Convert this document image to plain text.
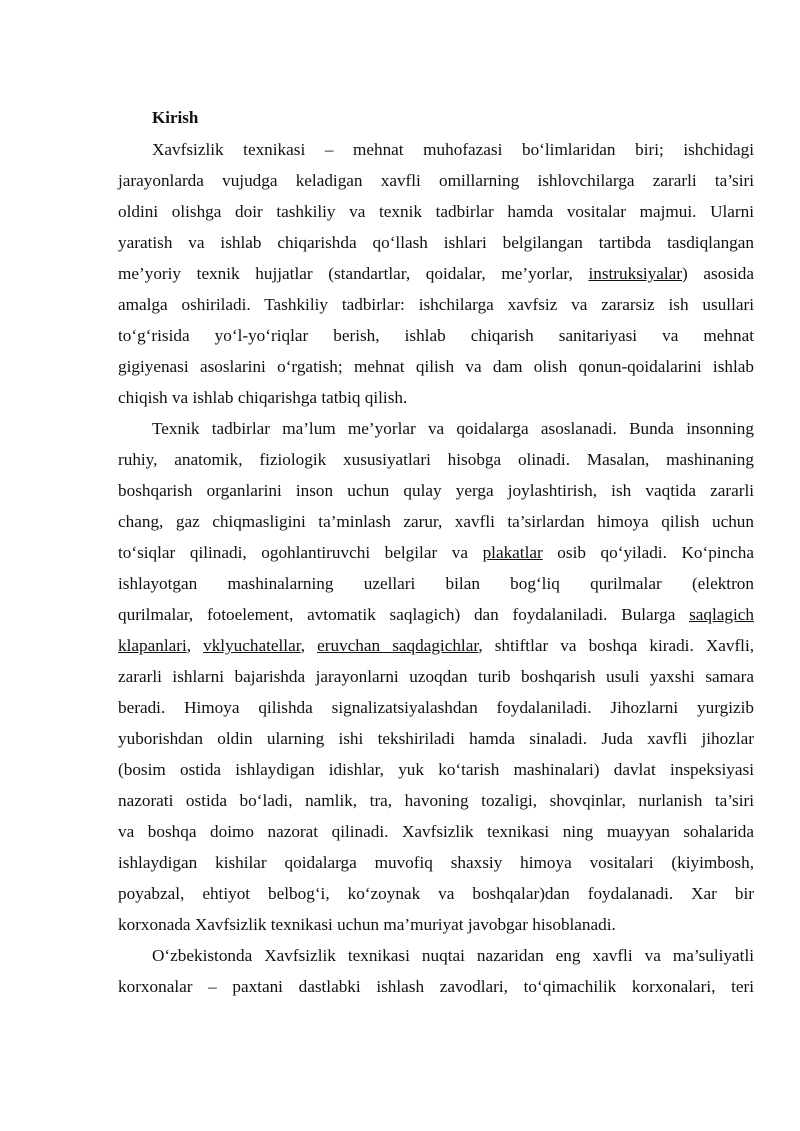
Kirish
Xavfsizlik texnikasi – mehnat muhofazasi bo‘limlaridan biri; ishchidagi
jarayonlarda vujudga keladigan xavfli omillarning ishlovchilarga zararli ta’siri
oldini olishga doir tashkiliy va texnik tadbirlar hamda vositalar majmui. Ularni
yaratish va ishlab chiqarishda qo‘llash ishlari belgilangan tartibda tasdiqlangan
me’yoriy texnik hujjatlar (standartlar, qoidalar, me’yorlar, instruksiyalar) asosida
amalga oshiriladi. Tashkiliy tadbirlar: ishchilarga xavfsiz va zararsiz ish usullari
to‘g‘risida yo‘l-yo‘riqlar berish, ishlab chiqarish sanitariyasi va mehnat
gigiyenasi asoslarini o‘rgatish; mehnat qilish va dam olish qonun-qoidalarini ishlab
chiqish va ishlab chiqarishga tatbiq qilish.
Texnik tadbirlar ma’lum me’yorlar va qoidalarga asoslanadi. Bunda insonning
ruhiy, anatomik, fiziologik xususiyatlari hisobga olinadi. Masalan, mashinaning
boshqarish organlarini inson uchun qulay yerga joylashtirish, ish vaqtida zararli
chang, gaz chiqmasligini ta’minlash zarur, xavfli ta’sirlardan himoya qilish uchun
to‘siqlar qilinadi, ogohlantiruvchi belgilar va plakatlar osib qo‘yiladi. Ko‘pincha
ishlayotgan mashinalarning uzellari bilan bog‘liq qurilmalar (elektron
qurilmalar, fotoelement, avtomatik saqlagich) dan foydalaniladi. Bularga saqlagich
klapanlari, vklyuchatellar, eruvchan saqdagichlar, shtiftlar va boshqa kiradi. Xavfli,
zararli ishlarni bajarishda jarayonlarni uzoqdan turib boshqarish usuli yaxshi samara
beradi. Himoya qilishda signalizatsiyalashdan foydalaniladi. Jihozlarni yurgizib
yuborishdan oldin ularning ishi tekshiriladi hamda sinaladi. Juda xavfli jihozlar
(bosim ostida ishlaydigan idishlar, yuk ko‘tarish mashinalari) davlat inspeksiyasi
nazorati ostida bo‘ladi, namlik, tra, havoning tozaligi, shovqinlar, nurlanish ta’siri
va boshqa doimo nazorat qilinadi. Xavfsizlik texnikasi ning muayyan sohalarida
ishlaydigan kishilar qoidalarga muvofiq shaxsiy himoya vositalari (kiyimbosh,
poyabzal, ehtiyot belbog‘i, ko‘zoynak va boshqalar)dan foydalanadi. Xar bir
korxonada Xavfsizlik texnikasi uchun ma’muriyat javobgar hisoblanadi.
O‘zbekistonda Xavfsizlik texnikasi nuqtai nazaridan eng xavfli va ma’suliyatli
korxonalar – paxtani dastlabki ishlash zavodlari, to‘qimachilik korxonalari, teri
